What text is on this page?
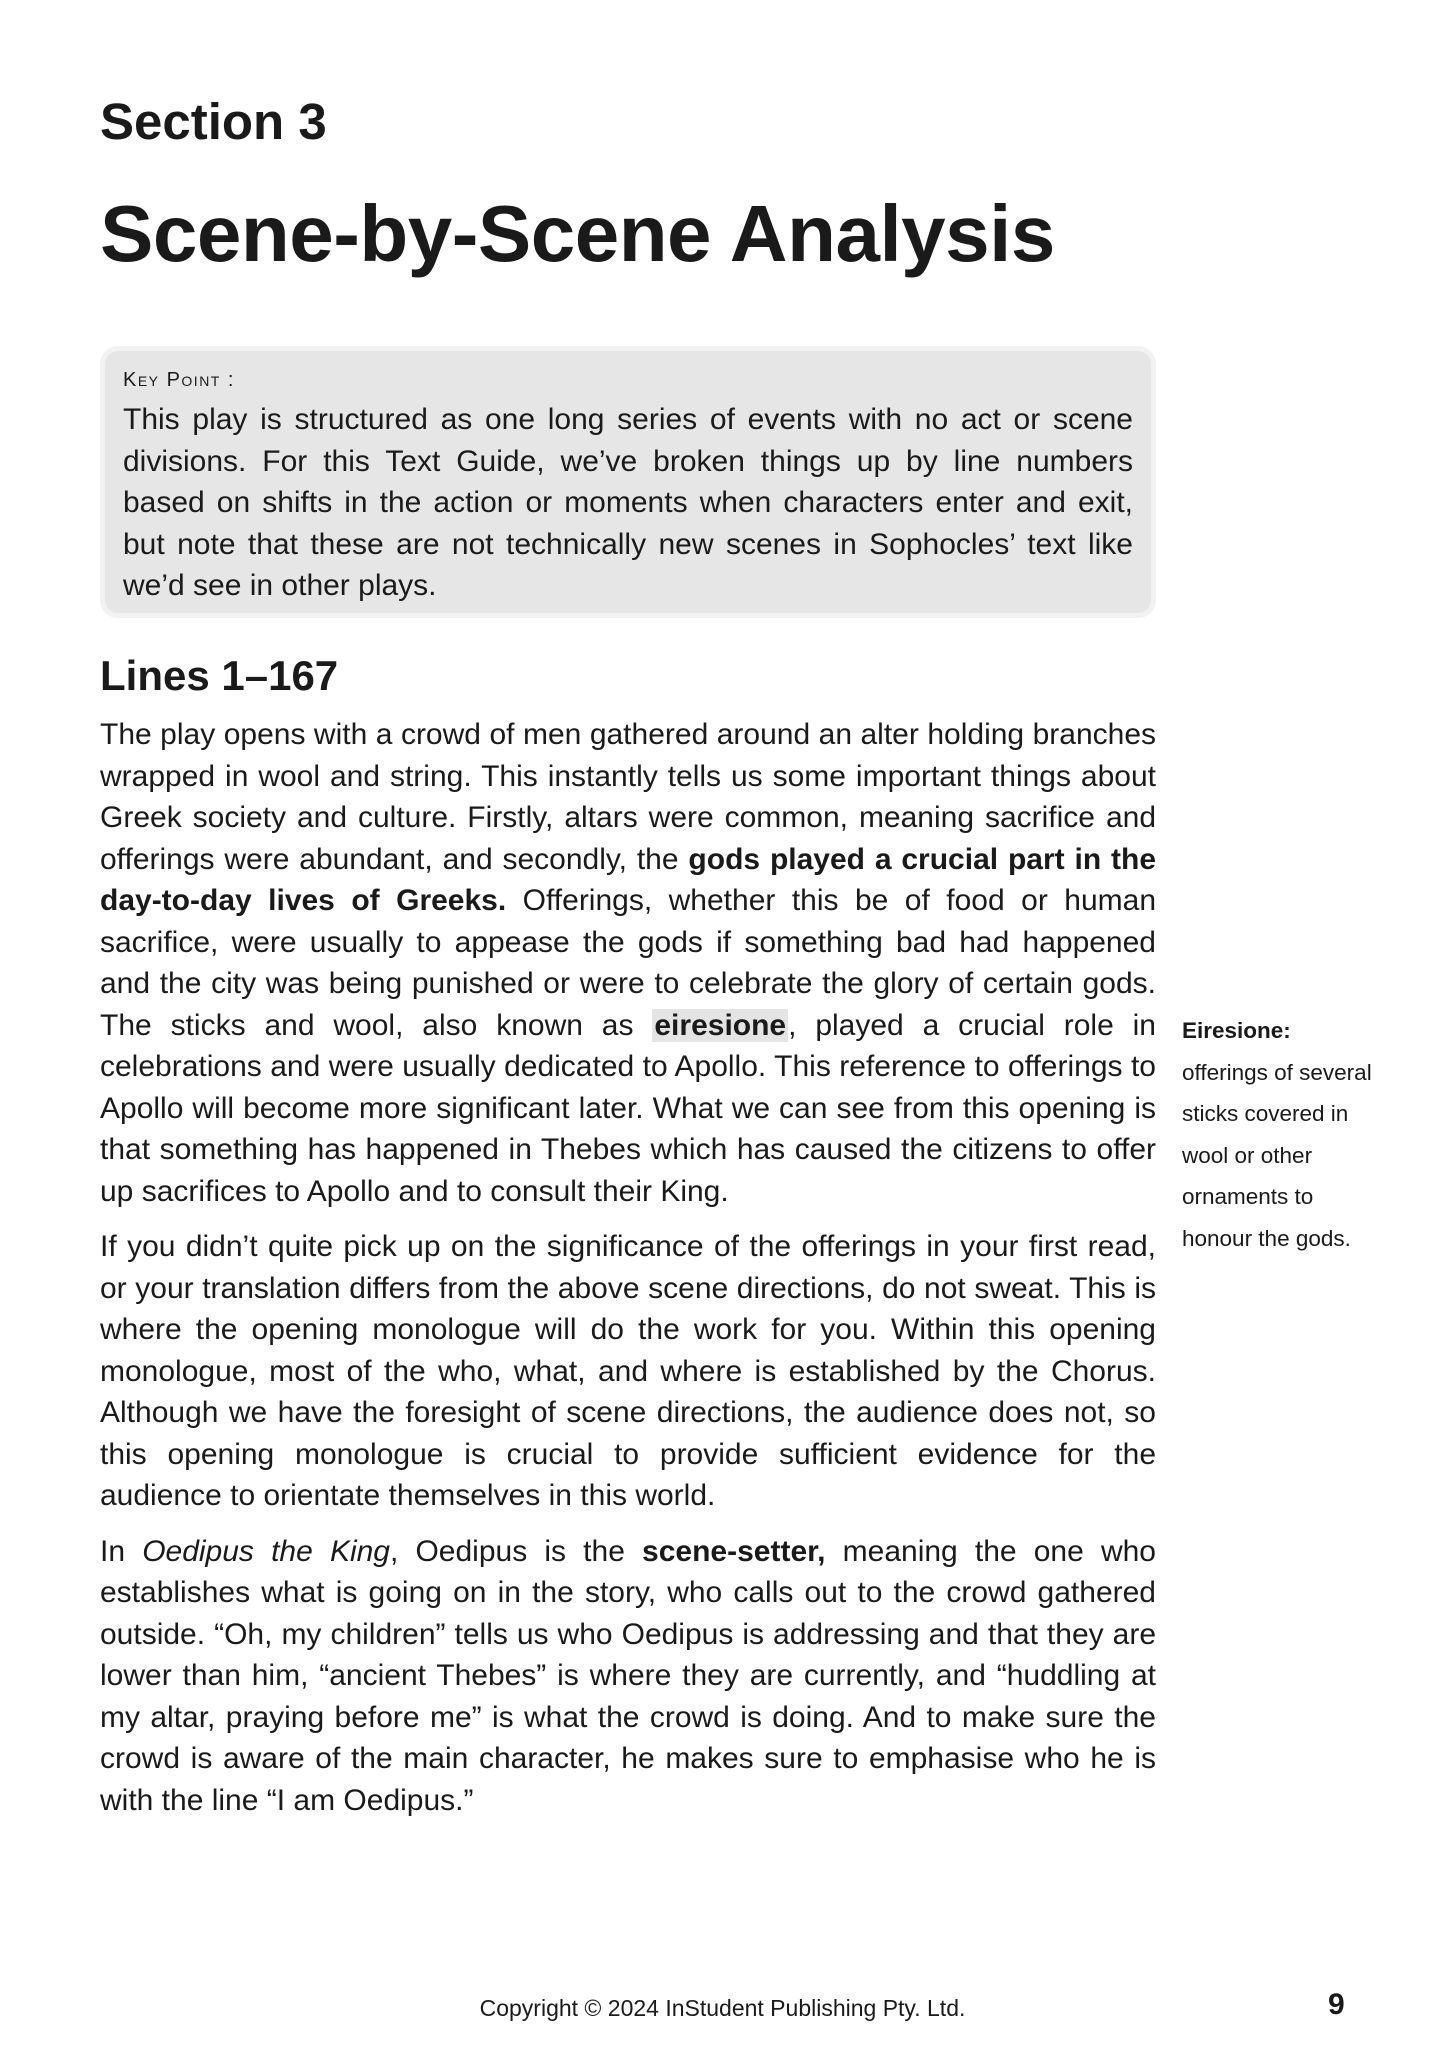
Section 3
Scene-by-Scene Analysis
Key Point :

This play is structured as one long series of events with no act or scene divisions. For this Text Guide, we’ve broken things up by line numbers based on shifts in the action or moments when characters enter and exit, but note that these are not technically new scenes in Sophocles’ text like we’d see in other plays.

Lines 1–167

The play opens with a crowd of men gathered around an alter holding branches wrapped in wool and string. This instantly tells us some important things about Greek society and culture. Firstly, altars were common, meaning sacrifice and offerings were abundant, and secondly, the gods played a crucial part in the day-to-day lives of Greeks. Offerings, whether this be of food or human sacrifice, were usually to appease the gods if something bad had happened and the city was being punished or were to celebrate the glory of certain gods. The sticks and wool, also known as eiresione, played a crucial role in celebrations and were usually dedicated to Apollo. This reference to offerings to Apollo will become more significant later. What we can see from this opening is that something has happened in Thebes which has caused the citizens to offer up sacrifices to Apollo and to consult their King.

If you didn’t quite pick up on the significance of the offerings in your first read, or your translation differs from the above scene directions, do not sweat. This is where the opening monologue will do the work for you. Within this opening monologue, most of the who, what, and where is established by the Chorus. Although we have the foresight of scene directions, the audience does not, so this opening monologue is crucial to provide sufficient evidence for the audience to orientate themselves in this world.

In Oedipus the King, Oedipus is the scene-setter, meaning the one who establishes what is going on in the story, who calls out to the crowd gathered outside. “Oh, my children” tells us who Oedipus is addressing and that they are lower than him, “ancient Thebes” is where they are currently, and “huddling at my altar, praying before me” is what the crowd is doing. And to make sure the crowd is aware of the main character, he makes sure to emphasise who he is with the line “I am Oedipus.”

Eiresione: offerings of several sticks covered in wool or other ornaments to honour the gods.
Copyright © 2024 InStudent Publishing Pty. Ltd.	9
